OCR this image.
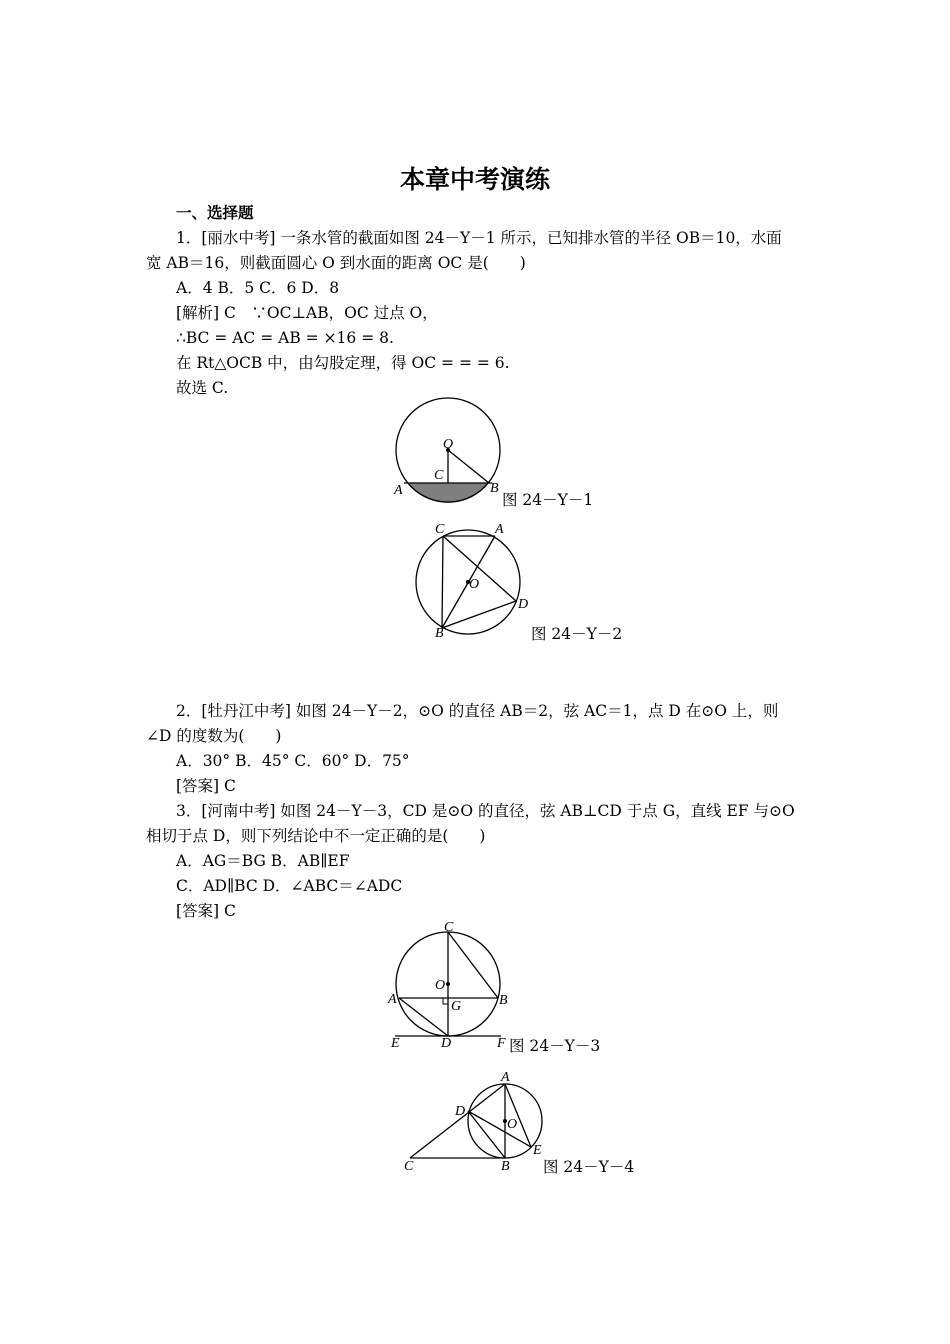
本章中考演练
一、选择题
1．[丽水中考] 一条水管的截面如图 24－Y－1 所示，已知排水管的半径 OB＝10，水面
宽 AB＝16，则截面圆心 O 到水面的距离 OC 是(　　)
A．4 B．5 C．6 D．8
[解析] C　∵OC⊥AB，OC 过点 O，
∴BC = AC = AB = ×16 = 8.
在 Rt△OCB 中，由勾股定理，得 OC = = = 6.
故选 C.
O
C
A	B
图 24－Y－1
C	A
O
D
B	图 24－Y－2
2．[牡丹江中考] 如图 24－Y－2，⊙O 的直径 AB＝2，弦 AC＝1，点 D 在⊙O 上，则
∠D 的度数为(　　)
A．30° B．45° C．60° D．75°
[答案] C
3．[河南中考] 如图 24－Y－3，CD 是⊙O 的直径，弦 AB⊥CD 于点 G，直线 EF 与⊙O
相切于点 D，则下列结论中不一定正确的是(　　)
A．AG＝BG B．AB∥EF
C．AD∥BC D．∠ABC＝∠ADC
[答案] C
C
O
A	G	B
E	D	F 图 24－Y－3
A
D
O
E
C	B 图 24－Y－4
